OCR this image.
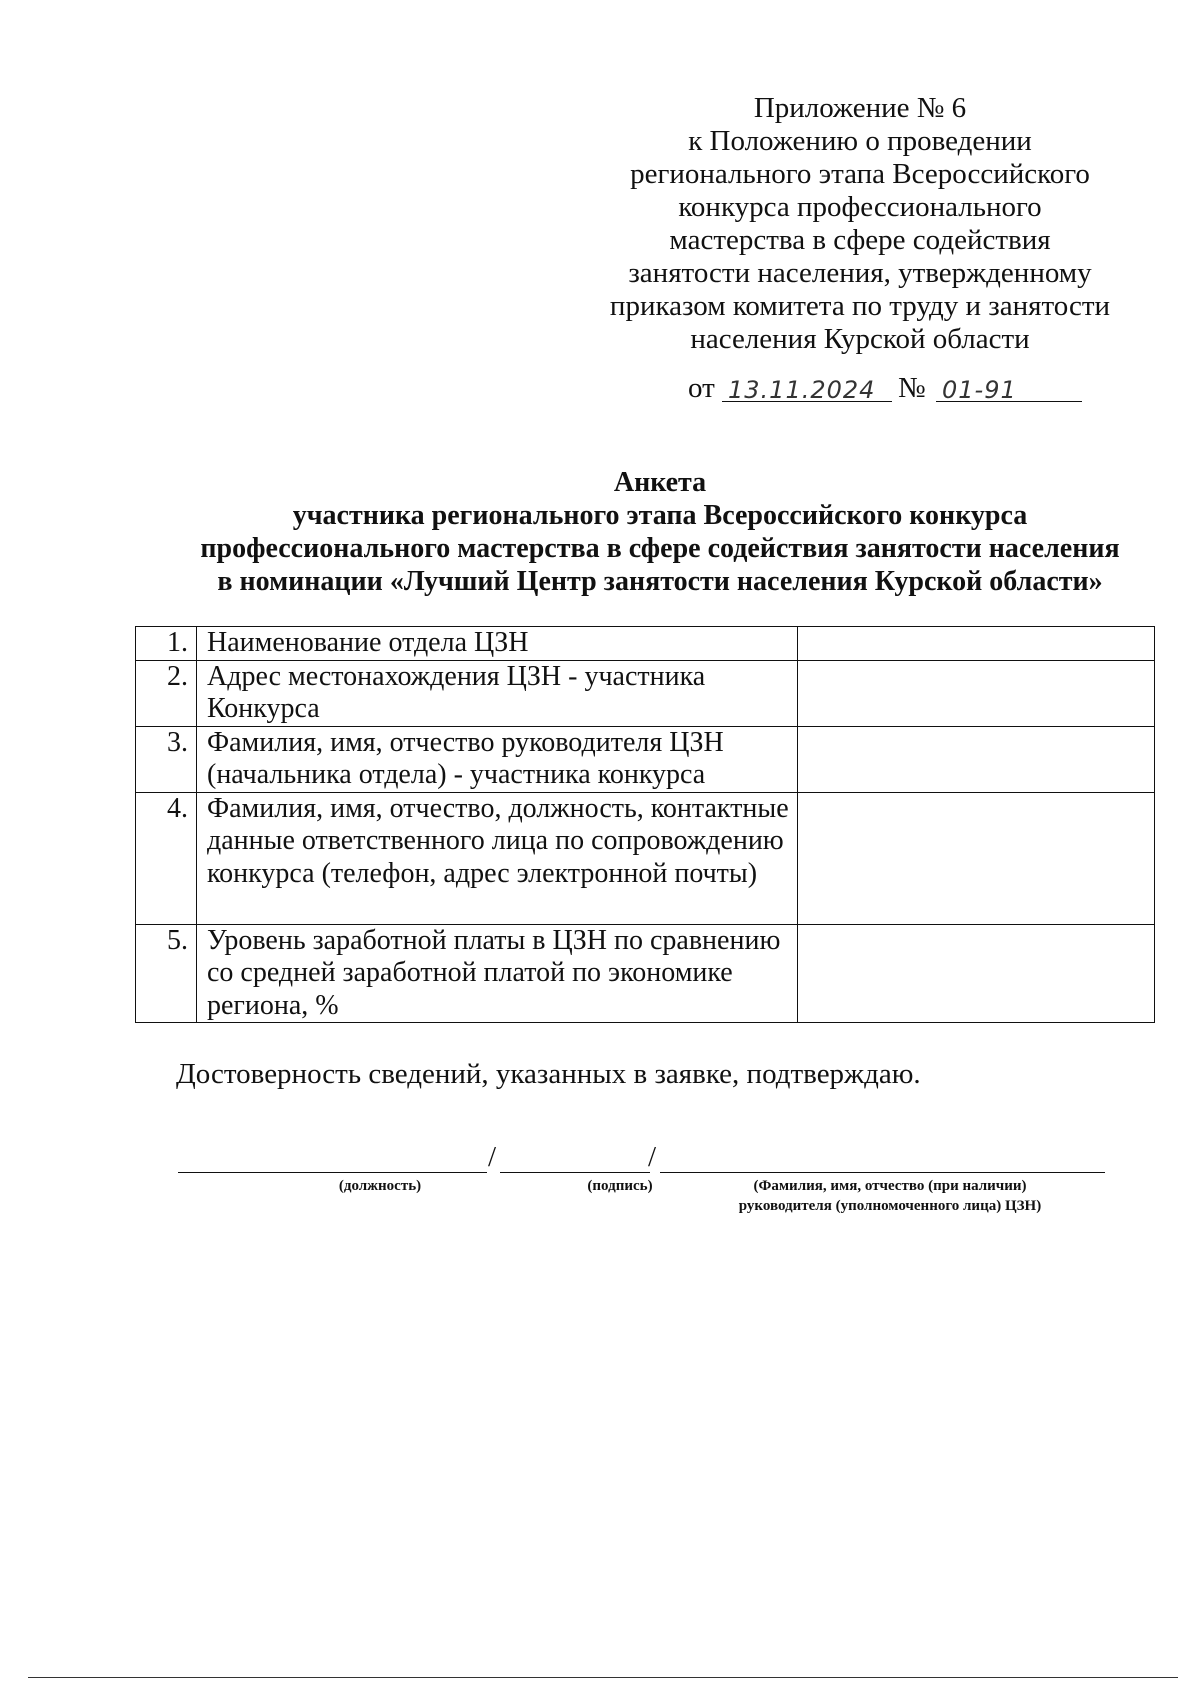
Приложение № 6
к Положению о проведении
регионального этапа Всероссийского
конкурса профессионального
мастерства в сфере содействия
занятости населения, утвержденному
приказом комитета по труду и занятости
населения Курской области
от 13.11.2024 № 01-91
Анкета
участника регионального этапа Всероссийского конкурса
профессионального мастерства в сфере содействия занятости населения
в номинации «Лучший Центр занятости населения Курской области»
1.	Наименование отдела ЦЗН	
2.	Адрес местонахождения ЦЗН - участника Конкурса	
3.	Фамилия, имя, отчество руководителя ЦЗН (начальника отдела) - участника конкурса	
4.	Фамилия, имя, отчество, должность, контактные данные ответственного лица по сопровождению конкурса (телефон, адрес электронной почты)	
5.	Уровень заработной платы в ЦЗН по сравнению со средней заработной платой по экономике региона, %	
Достоверность сведений, указанных в заявке, подтверждаю.
/	/
(должность)	(подпись)	(Фамилия, имя, отчество (при наличии)
руководителя (уполномоченного лица) ЦЗН)
